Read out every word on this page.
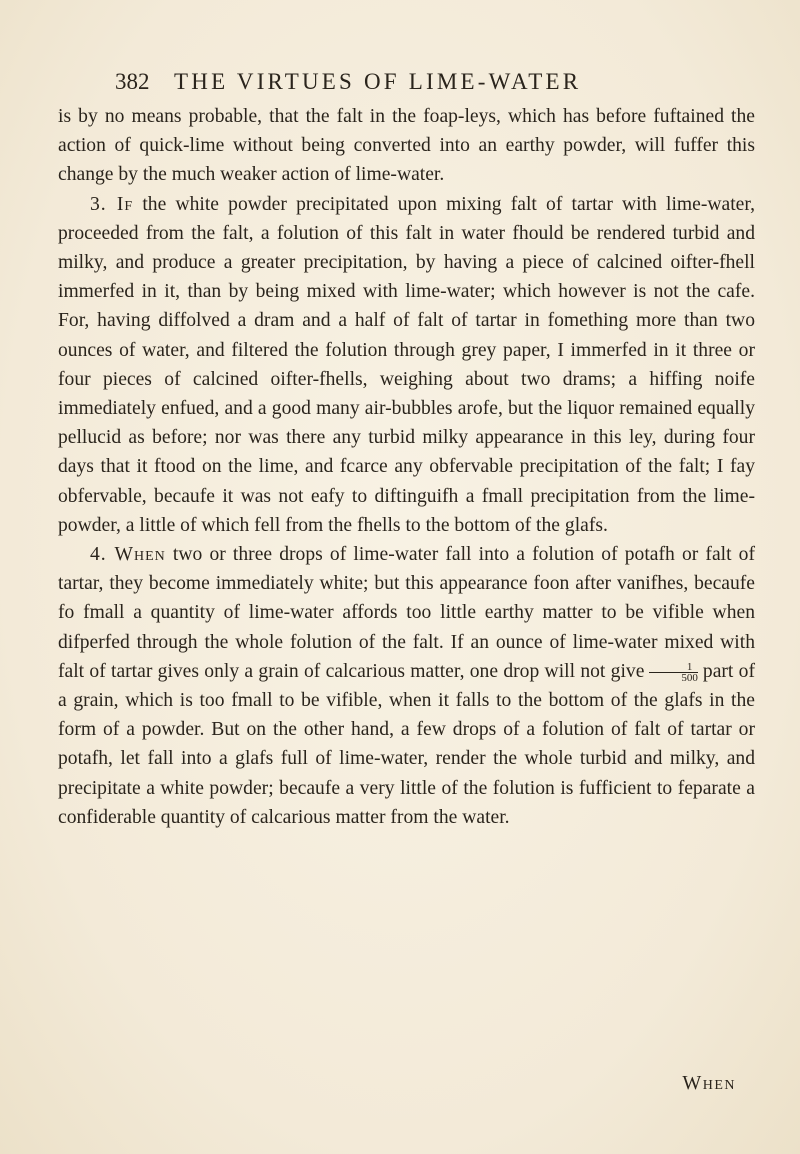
382 THE VIRTUES OF LIME-WATER

is by no means probable, that the falt in the foap-leys, which has before fuftained the action of quick-lime without being converted into an earthy powder, will fuffer this change by the much weaker action of lime-water.

3. If the white powder precipitated upon mixing falt of tartar with lime-water, proceeded from the falt, a folution of this falt in water fhould be rendered turbid and milky, and produce a greater precipitation, by having a piece of calcined oifter-fhell immerfed in it, than by being mixed with lime-water; which however is not the cafe. For, having diffolved a dram and a half of falt of tartar in fomething more than two ounces of water, and filtered the folution through grey paper, I immerfed in it three or four pieces of calcined oifter-fhells, weighing about two drams; a hiffing noife immediately enfued, and a good many air-bubbles arofe, but the liquor remained equally pellucid as before; nor was there any turbid milky appearance in this ley, during four days that it ftood on the lime, and fcarce any obfervable precipitation of the falt; I fay obfervable, becaufe it was not eafy to diftinguifh a fmall precipitation from the lime-powder, a little of which fell from the fhells to the bottom of the glafs.

4. When two or three drops of lime-water fall into a folution of potafh or falt of tartar, they become immediately white; but this appearance foon after vanifhes, becaufe fo fmall a quantity of lime-water affords too little earthy matter to be vifible when difperfed through the whole folution of the falt. If an ounce of lime-water mixed with falt of tartar gives only a grain of calcarious matter, one drop will not give $\frac{1}{500}$ part of a grain, which is too fmall to be vifible, when it falls to the bottom of the glafs in the form of a powder. But on the other hand, a few drops of a folution of falt of tartar or potafh, let fall into a glafs full of lime-water, render the whole turbid and milky, and precipitate a white powder; becaufe a very little of the folution is fufficient to feparate a confiderable quantity of calcarious matter from the water.

When
